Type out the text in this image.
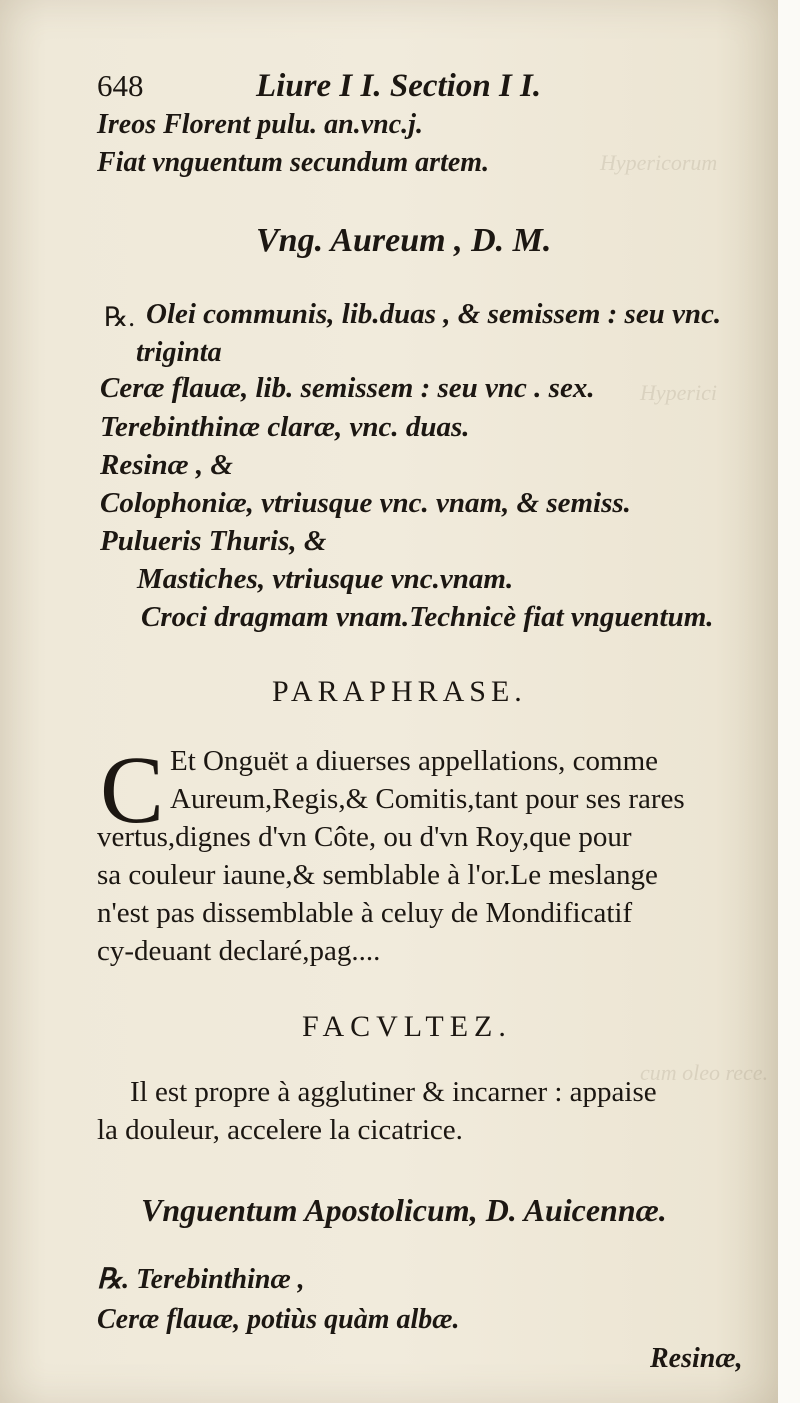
Hypericorum
Hyperici
cum oleo rece.
648	Liure I I. Section I I.
Ireos Florent pulu. an.vnc.j.
Fiat vnguentum secundum artem.
Vng. Aureum , D. M.
℞. Olei communis, lib.duas , & semissem : seu vnc.
triginta
Ceræ flauæ, lib. semissem : seu vnc . sex.
Terebinthinæ claræ, vnc. duas.
Resinæ , &
Colophoniæ, vtriusque vnc. vnam, & semiss.
Pulueris Thuris, &
Mastiches, vtriusque vnc.vnam.
Croci dragmam vnam.Technicè fiat vnguentum.
PARAPHRASE.
C Et Onguët a diuerses appellations, comme
Aureum,Regis,& Comitis,tant pour ses rares
vertus,dignes d'vn Côte, ou d'vn Roy,que pour
sa couleur iaune,& semblable à l'or.Le meslange
n'est pas dissemblable à celuy de Mondificatif
cy-deuant declaré,pag....
FACVLTEZ.
Il est propre à agglutiner & incarner : appaise
la douleur, accelere la cicatrice.
Vnguentum Apostolicum, D. Auicennæ.
℞. Terebinthinæ ,
Ceræ flauæ, potiùs quàm albæ.
Resinæ,
